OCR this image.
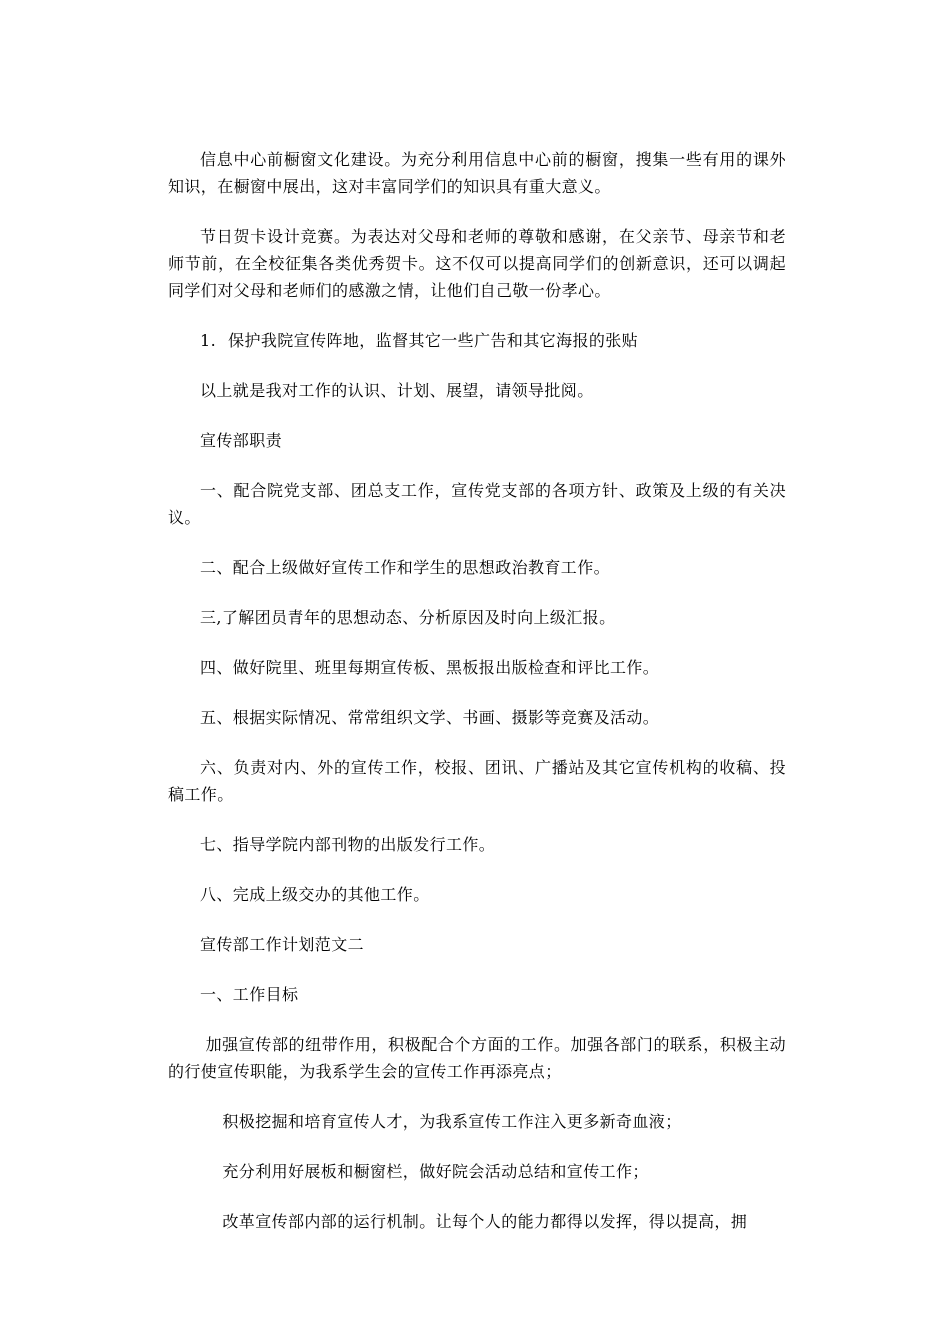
信息中心前橱窗文化建设。为充分利用信息中心前的橱窗，搜集一些有用的课外知识，在橱窗中展出，这对丰富同学们的知识具有重大意义。

节日贺卡设计竞赛。为表达对父母和老师的尊敬和感谢，在父亲节、母亲节和老师节前，在全校征集各类优秀贺卡。这不仅可以提高同学们的创新意识，还可以调起同学们对父母和老师们的感激之情，让他们自己敬一份孝心。

1. 保护我院宣传阵地，监督其它一些广告和其它海报的张贴

以上就是我对工作的认识、计划、展望，请领导批阅。

宣传部职责

一、配合院党支部、团总支工作，宣传党支部的各项方针、政策及上级的有关决议。

二、配合上级做好宣传工作和学生的思想政治教育工作。

三,了解团员青年的思想动态、分析原因及时向上级汇报。

四、做好院里、班里每期宣传板、黑板报出版检查和评比工作。

五、根据实际情况、常常组织文学、书画、摄影等竞赛及活动。

六、负责对内、外的宣传工作，校报、团讯、广播站及其它宣传机构的收稿、投稿工作。

七、指导学院内部刊物的出版发行工作。

八、完成上级交办的其他工作。

宣传部工作计划范文二

一、工作目标

加强宣传部的纽带作用，积极配合个方面的工作。加强各部门的联系，积极主动的行使宣传职能，为我系学生会的宣传工作再添亮点；

积极挖掘和培育宣传人才，为我系宣传工作注入更多新奇血液；

充分利用好展板和橱窗栏，做好院会活动总结和宣传工作；

改革宣传部内部的运行机制。让每个人的能力都得以发挥，得以提高，拥
